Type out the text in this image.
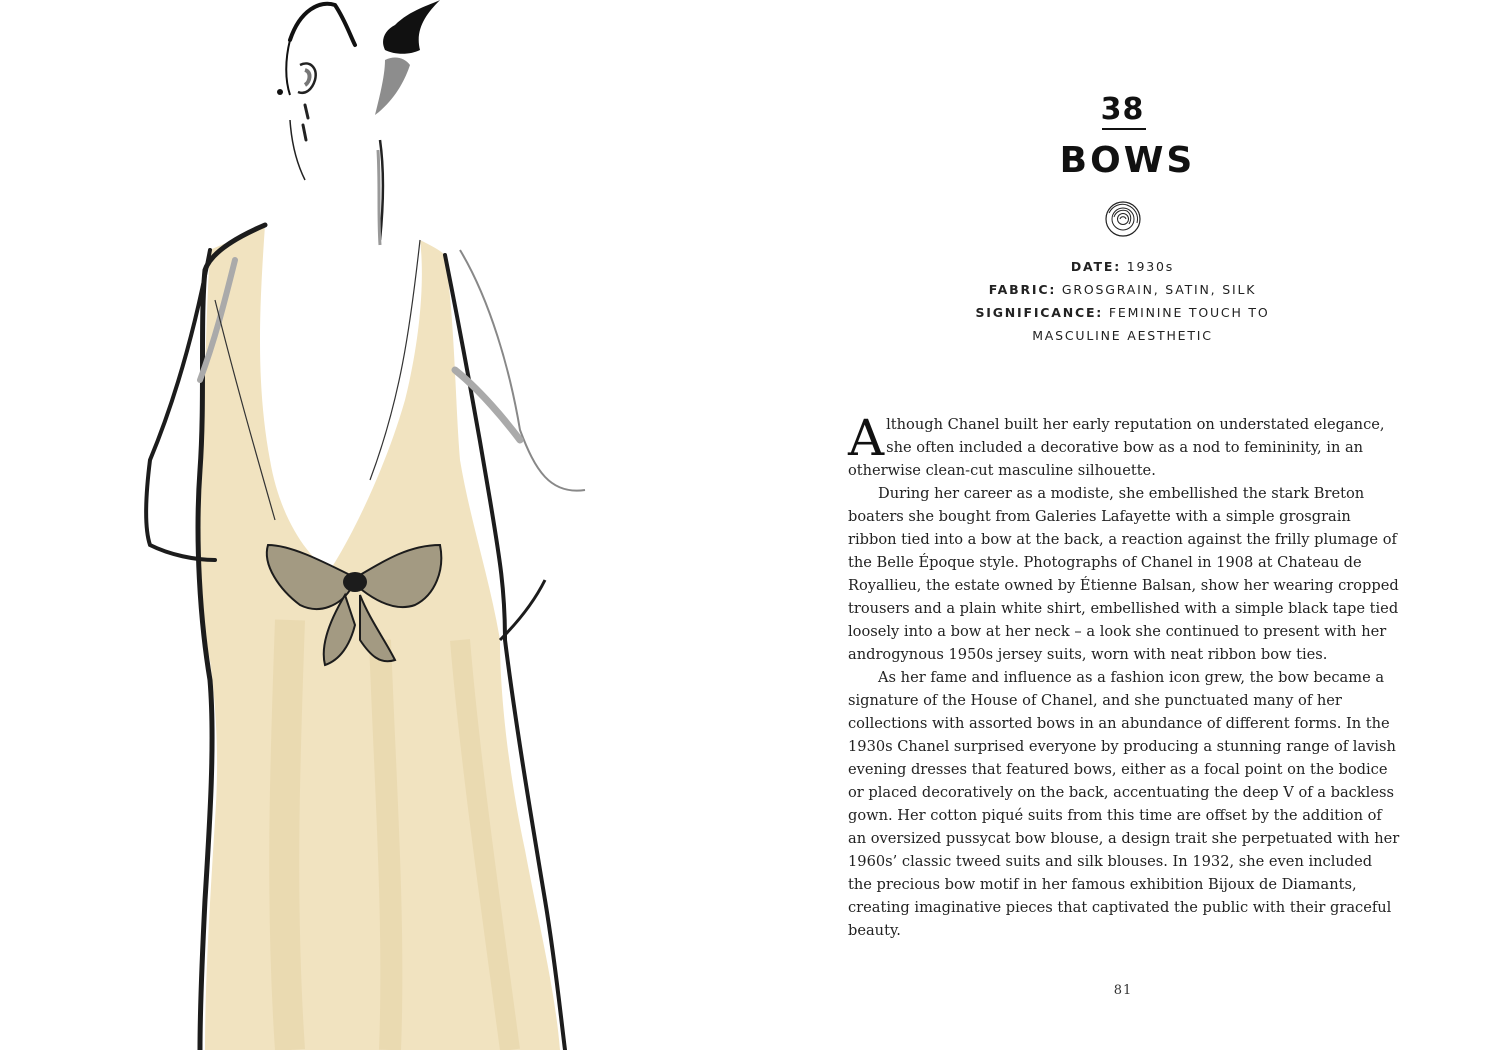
38
BOWS
DATE: 1930s
FABRIC: GROSGRAIN, SATIN, SILK
SIGNIFICANCE: FEMININE TOUCH TO
MASCULINE AESTHETIC

Although Chanel built her early reputation on understated elegance, she often included a decorative bow as a nod to femininity, in an otherwise clean-cut masculine silhouette.

During her career as a modiste, she embellished the stark Breton boaters she bought from Galeries Lafayette with a simple grosgrain ribbon tied into a bow at the back, a reaction against the frilly plumage of the Belle Époque style. Photographs of Chanel in 1908 at Chateau de Royallieu, the estate owned by Étienne Balsan, show her wearing cropped trousers and a plain white shirt, embellished with a simple black tape tied loosely into a bow at her neck – a look she continued to present with her androgynous 1950s jersey suits, worn with neat ribbon bow ties.

As her fame and influence as a fashion icon grew, the bow became a signature of the House of Chanel, and she punctuated many of her collections with assorted bows in an abundance of different forms. In the 1930s Chanel surprised everyone by producing a stunning range of lavish evening dresses that featured bows, either as a focal point on the bodice or placed decoratively on the back, accentuating the deep V of a backless gown. Her cotton piqué suits from this time are offset by the addition of an oversized pussycat bow blouse, a design trait she perpetuated with her 1960s’ classic tweed suits and silk blouses. In 1932, she even included the precious bow motif in her famous exhibition Bijoux de Diamants, creating imaginative pieces that captivated the public with their graceful beauty.

81
